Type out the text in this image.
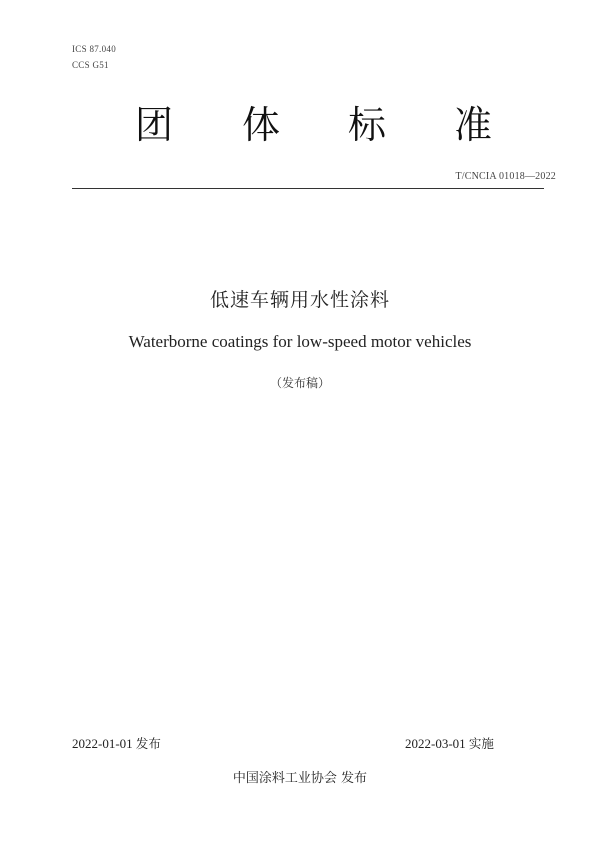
ICS 87.040
CCS G51
团 体 标 准
T/CNCIA 01018—2022
低速车辆用水性涂料
Waterborne coatings for low-speed motor vehicles
（发布稿）
2022-01-01 发布	2022-03-01 实施
中国涂料工业协会 发布
